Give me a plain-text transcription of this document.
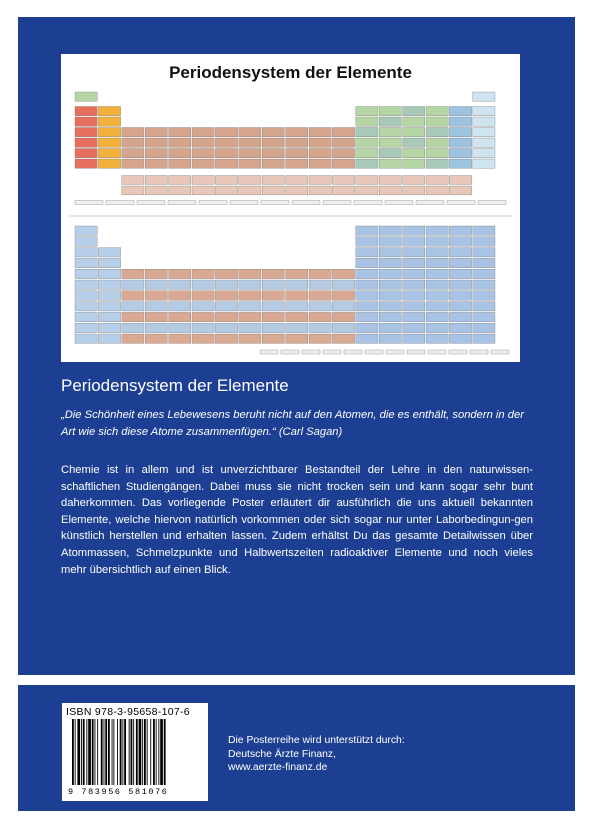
Periodensystem der Elemente
Periodensystem der Elemente
„Die Schönheit eines Lebewesens beruht nicht auf den Atomen, die es enthält, sondern in der Art wie sich diese Atome zusammenfügen.“ (Carl Sagan)
Chemie ist in allem und ist unverzichtbarer Bestandteil der Lehre in den naturwissen-schaftlichen Studiengängen. Dabei muss sie nicht trocken sein und kann sogar sehr bunt daherkommen. Das vorliegende Poster erläutert dir ausführlich die uns aktuell bekannten Elemente, welche hiervon natürlich vorkommen oder sich sogar nur unter Laborbedingun-gen künstlich herstellen und erhalten lassen. Zudem erhältst Du das gesamte Detailwissen über Atommassen, Schmelzpunkte und Halbwertszeiten radioaktiver Elemente und noch vieles mehr übersichtlich auf einen Blick.
ISBN 978-3-95658-107-6
9 783956 581076
Die Posterreihe wird unterstützt durch:
Deutsche Ärzte Finanz,
www.aerzte-finanz.de
